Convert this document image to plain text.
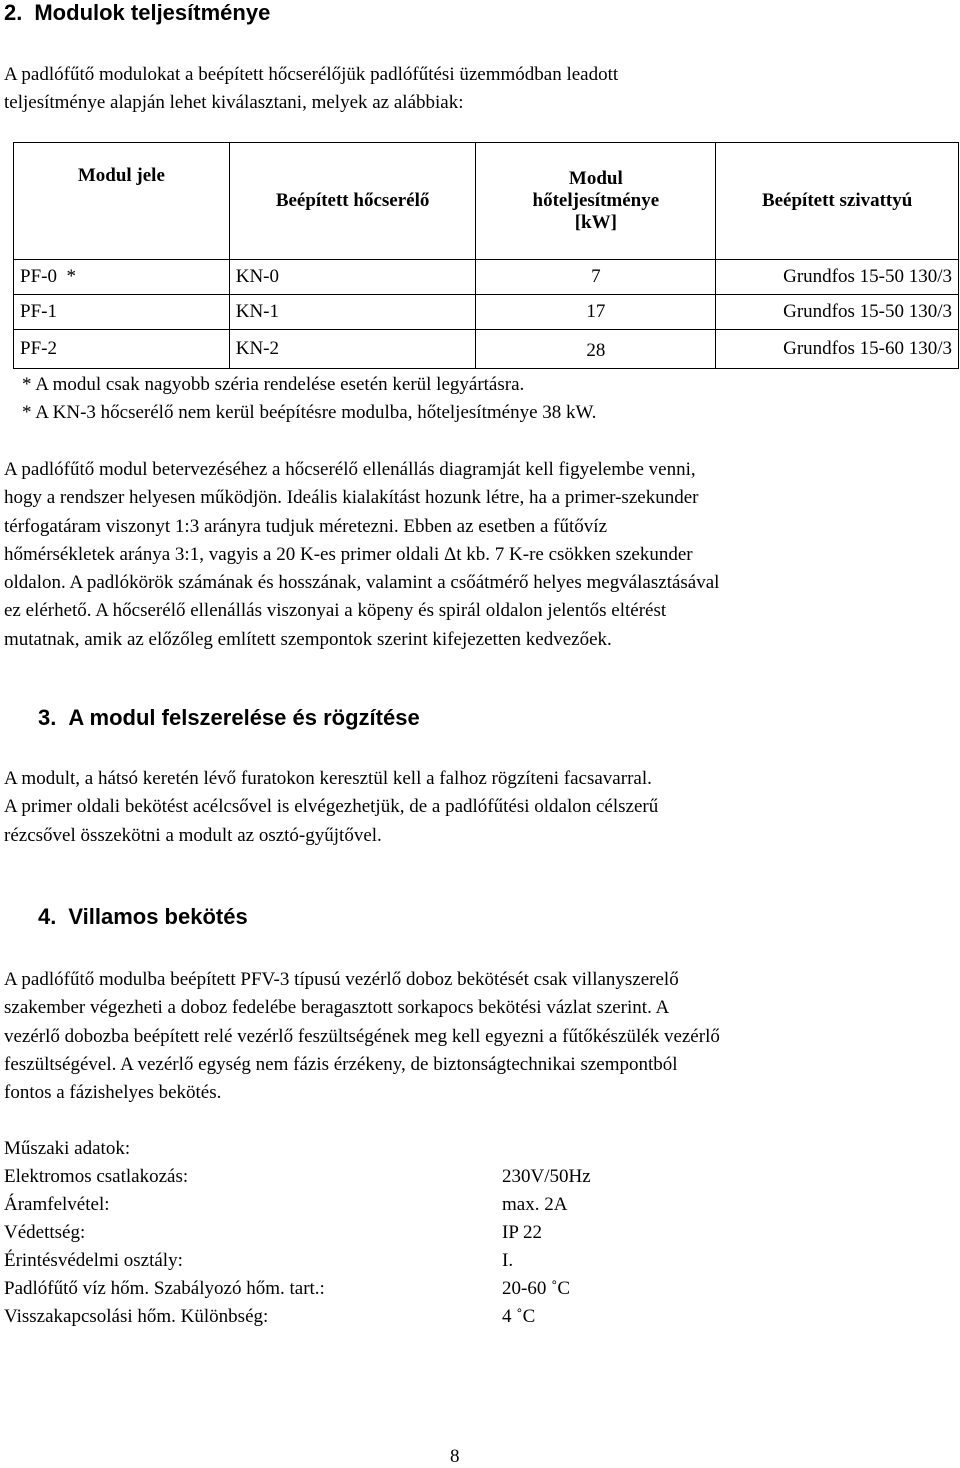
2. Modulok teljesítménye

A padlófűtő modulokat a beépített hőcserélőjük padlófűtési üzemmódban leadott
teljesítménye alapján lehet kiválasztani, melyek az alábbiak:

Modul jele	Beépített hőcserélő	Modul
hőteljesítménye
[kW]	Beépített szivattyú
PF-0  *	KN-0	7	Grundfos 15-50 130/3
PF-1	KN-1	17	Grundfos 15-50 130/3
PF-2	KN-2	28	Grundfos 15-60 130/3
* A modul csak nagyobb széria rendelése esetén kerül legyártásra.
* A KN-3 hőcserélő nem kerül beépítésre modulba, hőteljesítménye 38 kW.

A padlófűtő modul betervezéséhez a hőcserélő ellenállás diagramját kell figyelembe venni,
hogy a rendszer helyesen működjön. Ideális kialakítást hozunk létre, ha a primer-szekunder
térfogatáram viszonyt 1:3 arányra tudjuk méretezni. Ebben az esetben a fűtővíz
hőmérsékletek aránya 3:1, vagyis a 20 K-es primer oldali Δt kb. 7 K-re csökken szekunder
oldalon. A padlókörök számának és hosszának, valamint a csőátmérő helyes megválasztásával
ez elérhető. A hőcserélő ellenállás viszonyai a köpeny és spirál oldalon jelentős eltérést
mutatnak, amik az előzőleg említett szempontok szerint kifejezetten kedvezőek.

3. A modul felszerelése és rögzítése

A modult, a hátsó keretén lévő furatokon keresztül kell a falhoz rögzíteni facsavarral.
A primer oldali bekötést acélcsővel is elvégezhetjük, de a padlófűtési oldalon célszerű
rézcsővel összekötni a modult az osztó-gyűjtővel.

4. Villamos bekötés

A padlófűtő modulba beépített PFV-3 típusú vezérlő doboz bekötését csak villanyszerelő
szakember végezheti a doboz fedelébe beragasztott sorkapocs bekötési vázlat szerint. A
vezérlő dobozba beépített relé vezérlő feszültségének meg kell egyezni a fűtőkészülék vezérlő
feszültségével. A vezérlő egység nem fázis érzékeny, de biztonságtechnikai szempontból
fontos a fázishelyes bekötés.

Műszaki adatok:
Elektromos csatlakozás:	230V/50Hz
Áramfelvétel:	max. 2A
Védettség:	IP 22
Érintésvédelmi osztály:	I.
Padlófűtő víz hőm. Szabályozó hőm. tart.:	20-60 ˚C
Visszakapcsolási hőm. Különbség:	4 ˚C
8
